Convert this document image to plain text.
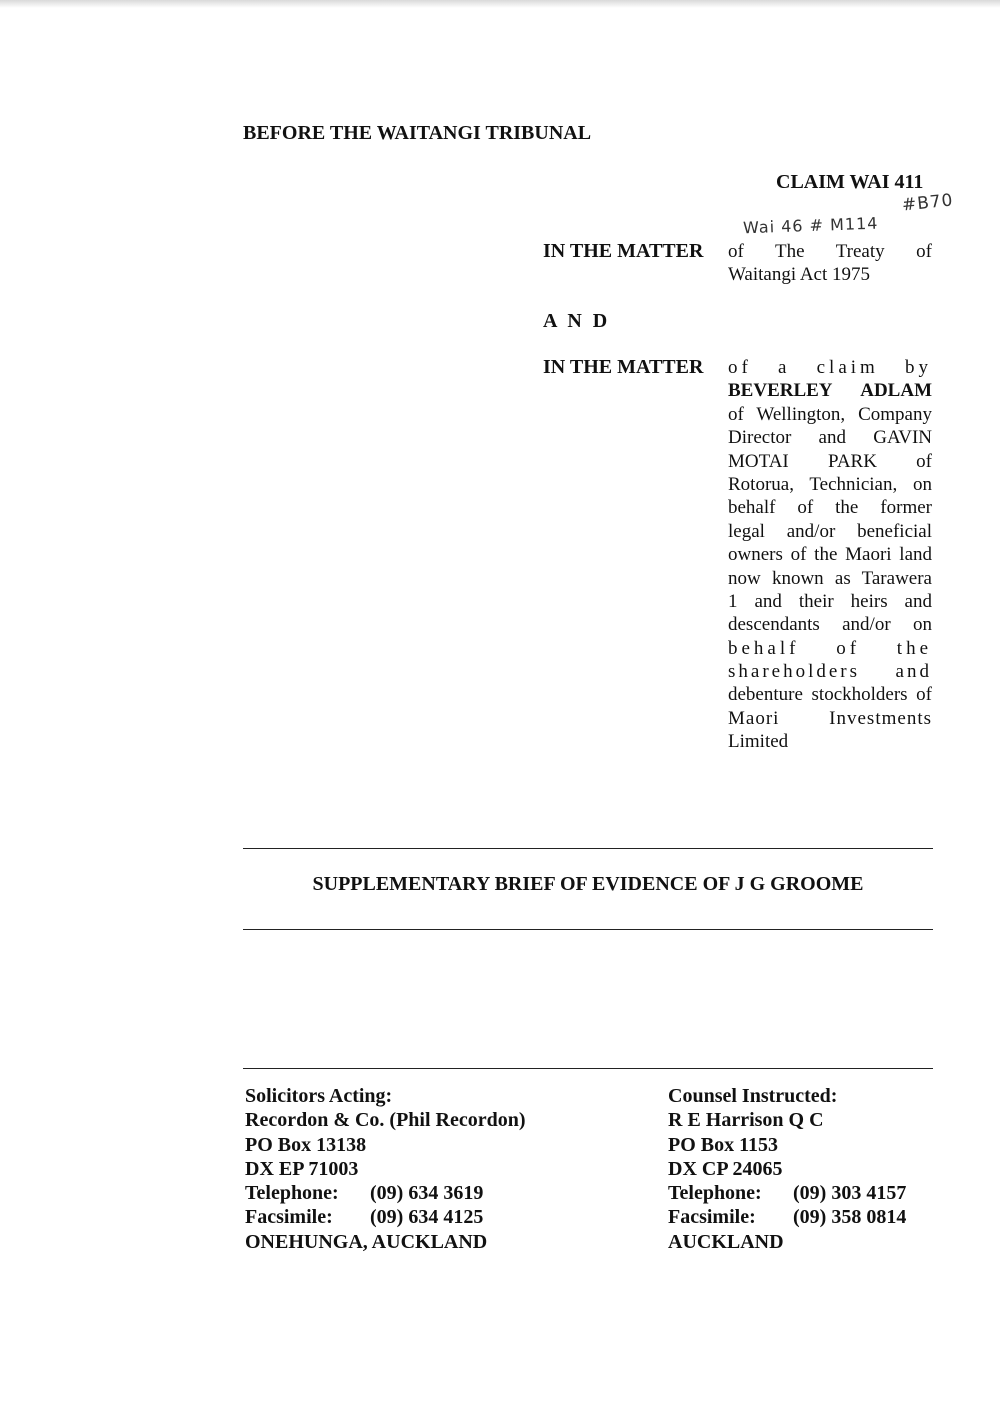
BEFORE THE WAITANGI TRIBUNAL
CLAIM WAI 411
#B70
Wai 46 # M114
IN THE MATTER of The Treaty of
Waitangi Act 1975
A N D
IN THE MATTER of a claim by
BEVERLEY ADLAM
of Wellington, Company
Director and GAVIN
MOTAI PARK of
Rotorua, Technician, on
behalf of the former
legal and/or beneficial
owners of the Maori land
now known as Tarawera
1 and their heirs and
descendants and/or on
behalf of the
shareholders and
debenture stockholders of
Maori Investments
Limited
SUPPLEMENTARY BRIEF OF EVIDENCE OF J G GROOME
Solicitors Acting:
Recordon & Co. (Phil Recordon)
PO Box 13138
DX EP 71003
Telephone: (09) 634 3619
Facsimile: (09) 634 4125
ONEHUNGA, AUCKLAND
Counsel Instructed:
R E Harrison Q C
PO Box 1153
DX CP 24065
Telephone: (09) 303 4157
Facsimile: (09) 358 0814
AUCKLAND
